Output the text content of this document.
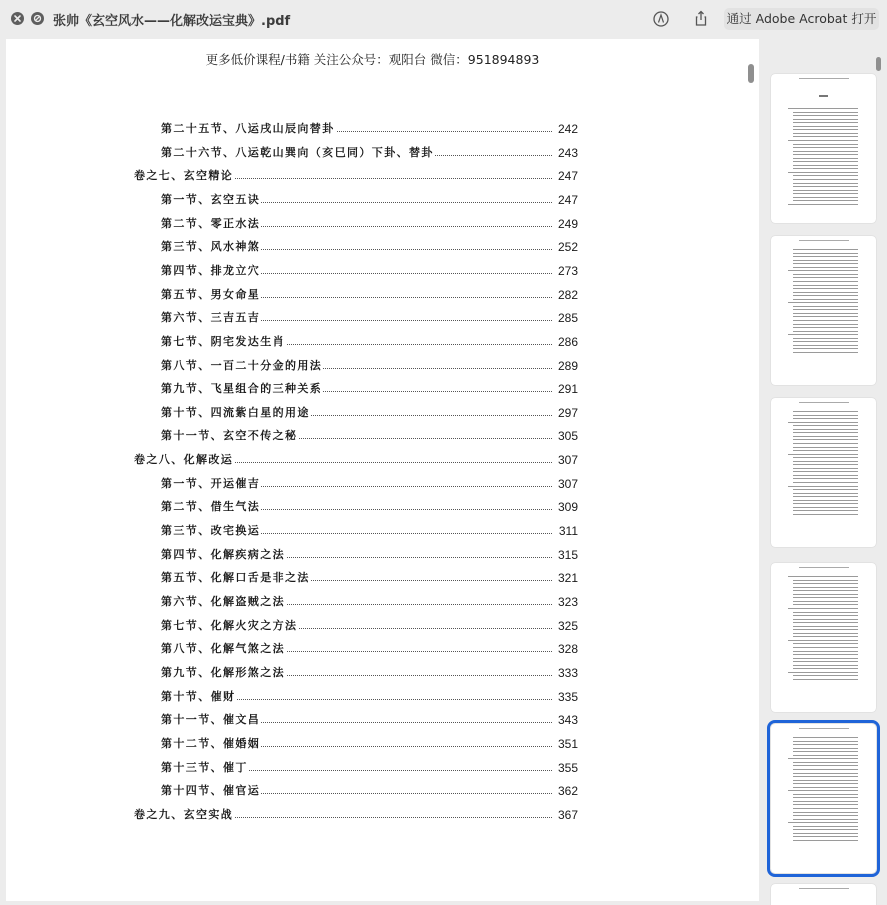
张帅《玄空风水——化解改运宝典》.pdf	通过 Adobe Acrobat 打开
更多低价课程/书籍 关注公众号：观阳台 微信：951894893
第二十五节、八运戌山辰向替卦	242
第二十六节、八运乾山巽向（亥巳同）下卦、替卦	243
卷之七、玄空精论	247
第一节、玄空五诀	247
第二节、零正水法	249
第三节、风水神煞	252
第四节、排龙立穴	273
第五节、男女命星	282
第六节、三吉五吉	285
第七节、阴宅发达生肖	286
第八节、一百二十分金的用法	289
第九节、飞星组合的三种关系	291
第十节、四流紫白星的用途	297
第十一节、玄空不传之秘	305
卷之八、化解改运	307
第一节、开运催吉	307
第二节、借生气法	309
第三节、改宅换运	311
第四节、化解疾病之法	315
第五节、化解口舌是非之法	321
第六节、化解盗贼之法	323
第七节、化解火灾之方法	325
第八节、化解气煞之法	328
第九节、化解形煞之法	333
第十节、催财	335
第十一节、催文昌	343
第十二节、催婚姻	351
第十三节、催丁	355
第十四节、催官运	362
卷之九、玄空实战	367
